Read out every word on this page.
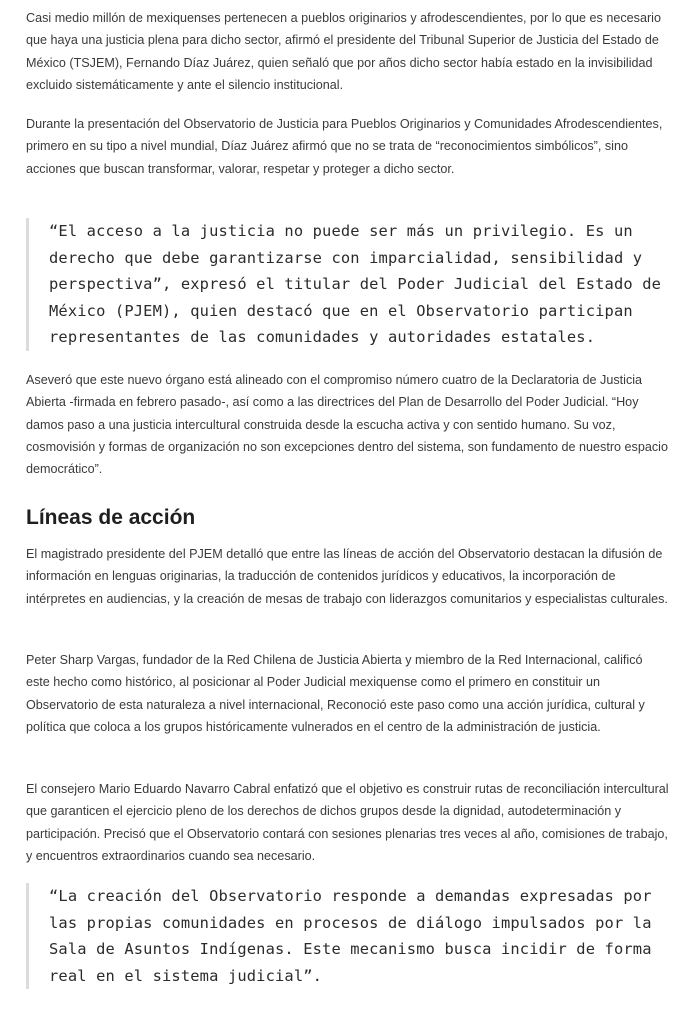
Casi medio millón de mexiquenses pertenecen a pueblos originarios y afrodescendientes, por lo que es necesario que haya una justicia plena para dicho sector, afirmó el presidente del Tribunal Superior de Justicia del Estado de México (TSJEM), Fernando Díaz Juárez, quien señaló que por años dicho sector había estado en la invisibilidad excluido sistemáticamente y ante el silencio institucional.

Durante la presentación del Observatorio de Justicia para Pueblos Originarios y Comunidades Afrodescendientes, primero en su tipo a nivel mundial, Díaz Juárez afirmó que no se trata de “reconocimientos simbólicos”, sino acciones que buscan transformar, valorar, respetar y proteger a dicho sector.

“El acceso a la justicia no puede ser más un privilegio. Es un derecho que debe garantizarse con imparcialidad, sensibilidad y perspectiva”, expresó el titular del Poder Judicial del Estado de México (PJEM), quien destacó que en el Observatorio participan representantes de las comunidades y autoridades estatales.

Aseveró que este nuevo órgano está alineado con el compromiso número cuatro de la Declaratoria de Justicia Abierta -firmada en febrero pasado-, así como a las directrices del Plan de Desarrollo del Poder Judicial. “Hoy damos paso a una justicia intercultural construida desde la escucha activa y con sentido humano. Su voz, cosmovisión y formas de organización no son excepciones dentro del sistema, son fundamento de nuestro espacio democrático”.

Líneas de acción

El magistrado presidente del PJEM detalló que entre las líneas de acción del Observatorio destacan la difusión de información en lenguas originarias, la traducción de contenidos jurídicos y educativos, la incorporación de intérpretes en audiencias, y la creación de mesas de trabajo con liderazgos comunitarios y especialistas culturales.

Peter Sharp Vargas, fundador de la Red Chilena de Justicia Abierta y miembro de la Red Internacional, calificó este hecho como histórico, al posicionar al Poder Judicial mexiquense como el primero en constituir un Observatorio de esta naturaleza a nivel internacional, Reconoció este paso como una acción jurídica, cultural y política que coloca a los grupos históricamente vulnerados en el centro de la administración de justicia.

El consejero Mario Eduardo Navarro Cabral enfatizó que el objetivo es construir rutas de reconciliación intercultural que garanticen el ejercicio pleno de los derechos de dichos grupos desde la dignidad, autodeterminación y participación. Precisó que el Observatorio contará con sesiones plenarias tres veces al año, comisiones de trabajo, y encuentros extraordinarios cuando sea necesario.

“La creación del Observatorio responde a demandas expresadas por las propias comunidades en procesos de diálogo impulsados por la Sala de Asuntos Indígenas. Este mecanismo busca incidir de forma real en el sistema judicial”.
